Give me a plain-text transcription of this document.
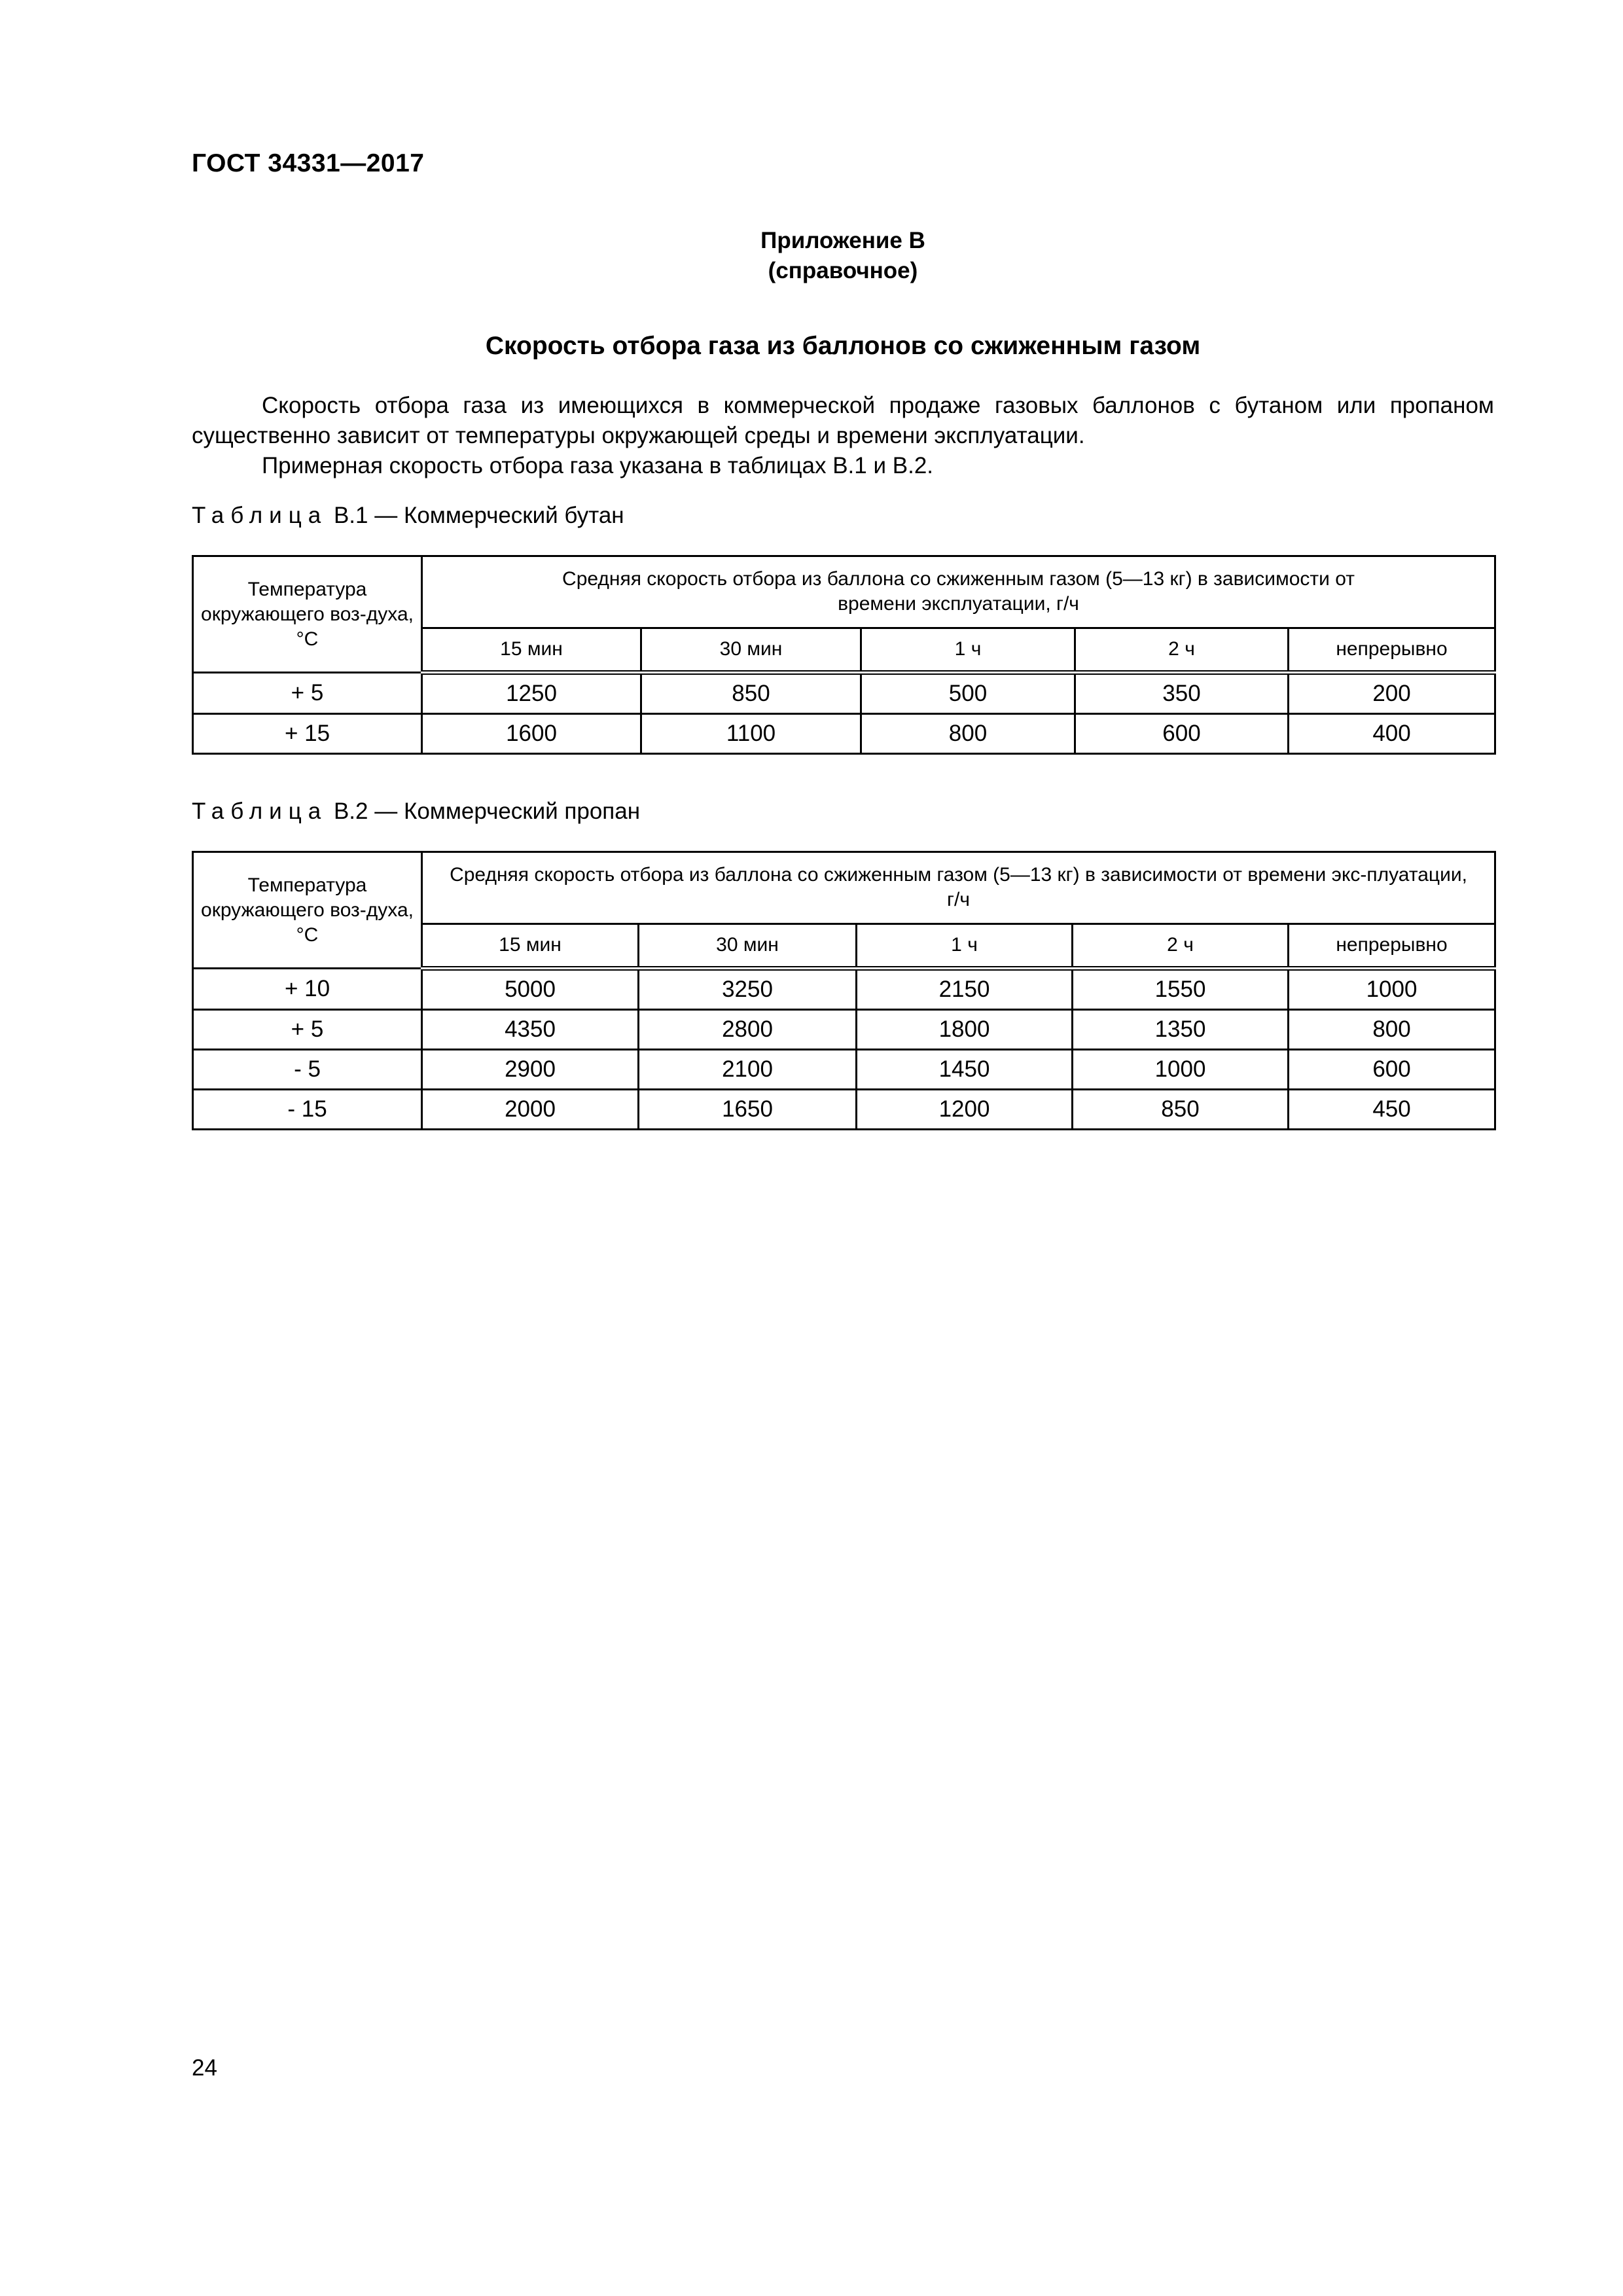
ГОСТ 34331—2017
Приложение В
(справочное)
Скорость отбора газа из баллонов со сжиженным газом

Скорость отбора газа из имеющихся в коммерческой продаже газовых баллонов с бутаном или пропаном существенно зависит от температуры окружающей среды и времени эксплуатации.

Примерная скорость отбора газа указана в таблицах В.1 и В.2.

Таблица В.1 — Коммерческий бутан
Температура окружающего воз-духа, °С	Средняя скорость отбора из баллона со сжиженным газом (5—13 кг) в зависимости от времени эксплуатации, г/ч				
	15 мин	30 мин	1 ч	2 ч	непрерывно
+ 5	1250	850	500	350	200
+ 15	1600	1100	800	600	400
Таблица В.2 — Коммерческий пропан
Температура окружающего воз-духа, °С	Средняя скорость отбора из баллона со сжиженным газом (5—13 кг) в зависимости от времени экс-плуатации, г/ч				
	15 мин	30 мин	1 ч	2 ч	непрерывно
+ 10	5000	3250	2150	1550	1000
+ 5	4350	2800	1800	1350	800
- 5	2900	2100	1450	1000	600
- 15	2000	1650	1200	850	450
24
